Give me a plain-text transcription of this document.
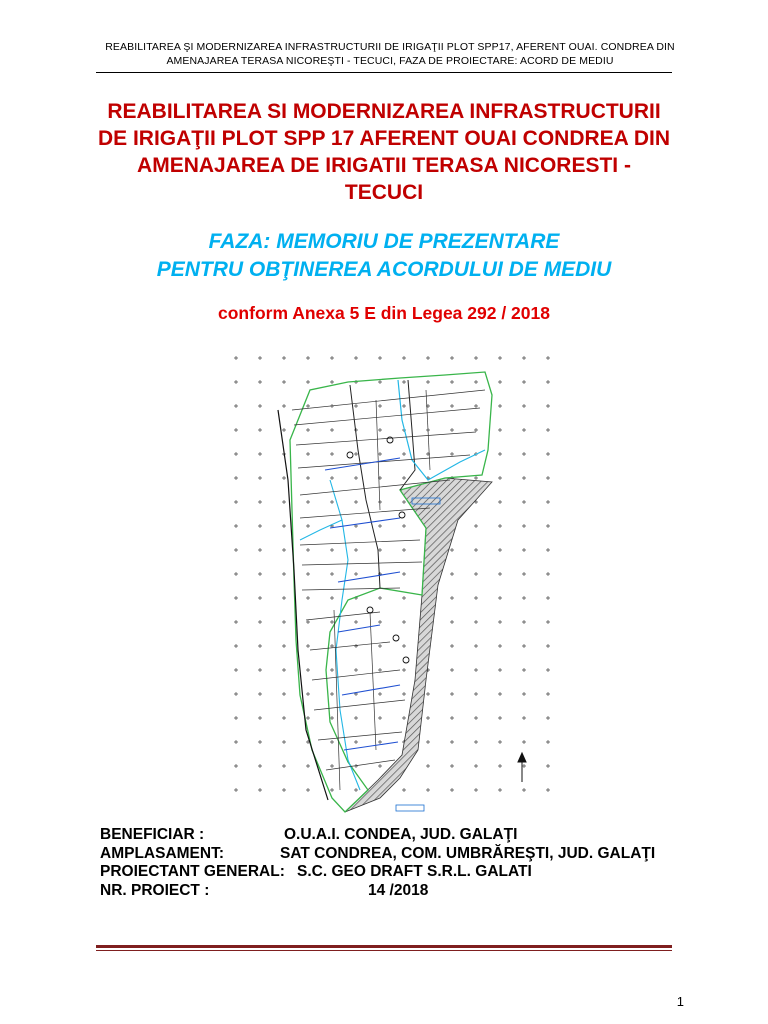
REABILITAREA ŞI MODERNIZAREA INFRASTRUCTURII DE IRIGAŢII PLOT SPP17, AFERENT OUAI. CONDREA DIN
AMENAJAREA TERASA NICOREŞTI - TECUCI, FAZA DE PROIECTARE: ACORD DE MEDIU
REABILITAREA SI MODERNIZAREA INFRASTRUCTURII
DE IRIGAŢII PLOT SPP 17 AFERENT OUAI CONDREA DIN
AMENAJAREA DE IRIGATII TERASA NICORESTI -
TECUCI
FAZA: MEMORIU DE PREZENTARE
PENTRU OBŢINEREA ACORDULUI DE MEDIU
conform Anexa 5 E din Legea 292 / 2018
BENEFICIAR :	O.U.A.I. CONDEA, JUD. GALAŢI
AMPLASAMENT:	SAT CONDREA, COM. UMBRĂREŞTI, JUD. GALAŢI
PROIECTANT GENERAL: S.C. GEO DRAFT S.R.L. GALATI
NR. PROIECT :	14 /2018
1
